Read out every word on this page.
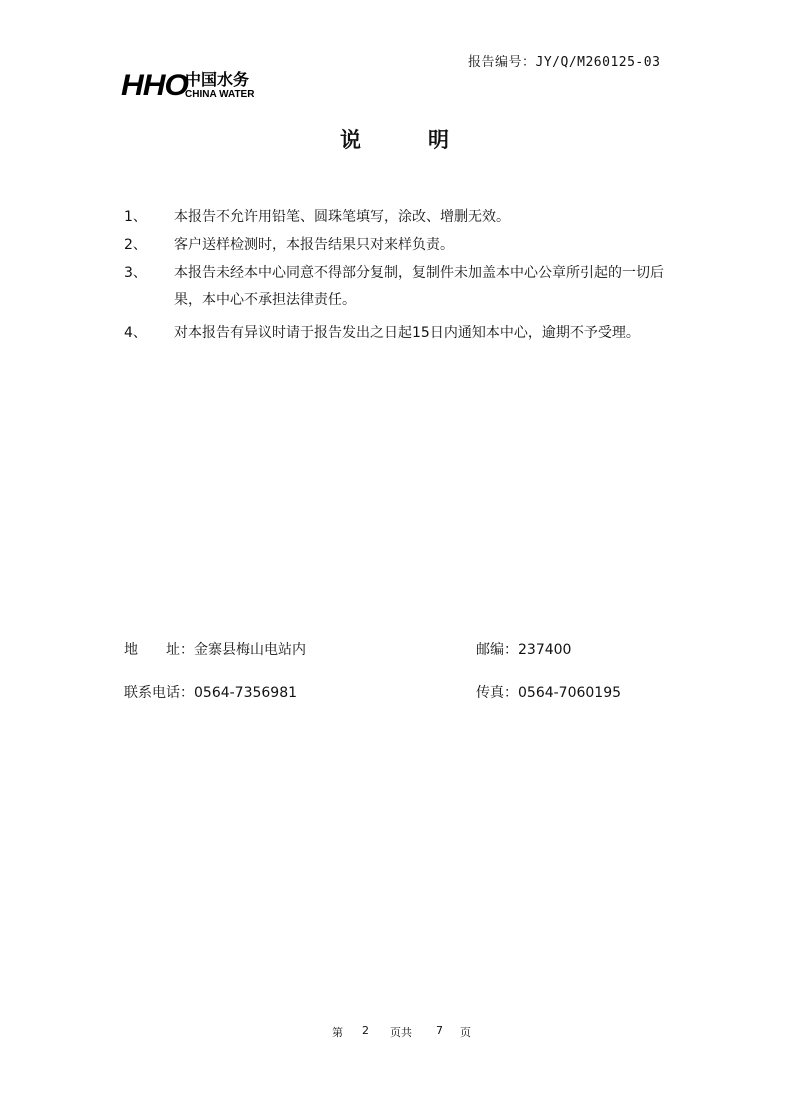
报告编号：JY/Q/M260125-03
HHO
中国水务
CHINA WATER
说	明

1、 本报告不允许用铅笔、圆珠笔填写，涂改、增删无效。

2、 客户送样检测时，本报告结果只对来样负责。

3、 本报告未经本中心同意不得部分复制，复制件未加盖本中心公章所引起的一切后果，本中心不承担法律责任。

4、 对本报告有异议时请于报告发出之日起15日内通知本中心，逾期不予受理。

地　　址：金寨县梅山电站内	邮编：237400
联系电话：0564-7356981	传真：0564-7060195
第 2 页共 7 页
